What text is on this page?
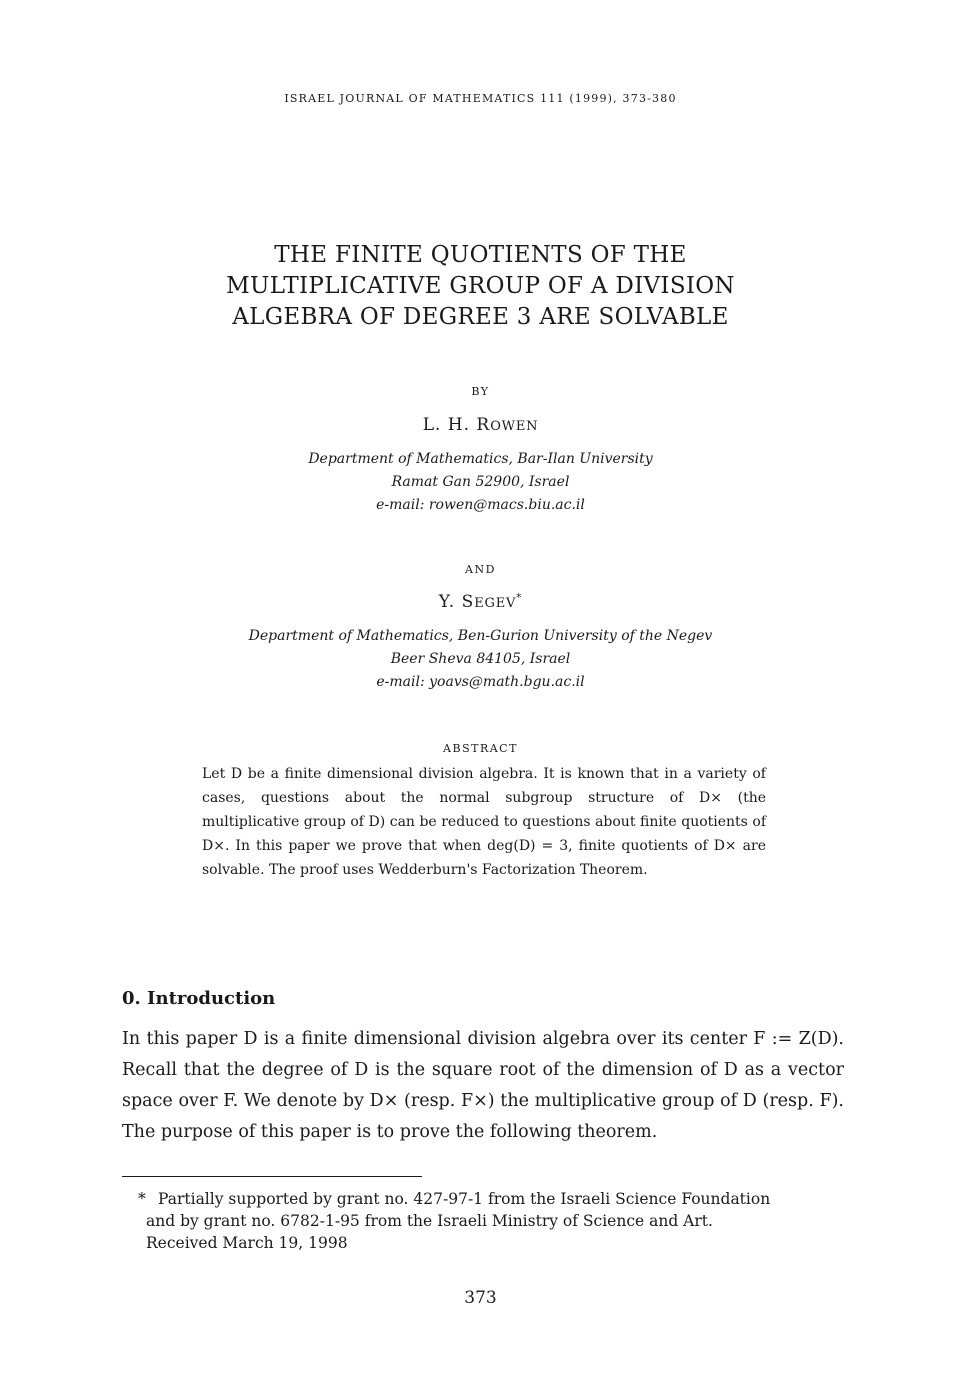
ISRAEL JOURNAL OF MATHEMATICS 111 (1999), 373-380
THE FINITE QUOTIENTS OF THE
MULTIPLICATIVE GROUP OF A DIVISION
ALGEBRA OF DEGREE 3 ARE SOLVABLE
BY
L. H. ROWEN
Department of Mathematics, Bar-Ilan University
Ramat Gan 52900, Israel
e-mail: rowen@macs.biu.ac.il
AND
Y. SEGEV*
Department of Mathematics, Ben-Gurion University of the Negev
Beer Sheva 84105, Israel
e-mail: yoavs@math.bgu.ac.il
ABSTRACT
Let D be a finite dimensional division algebra. It is known that in a variety of cases, questions about the normal subgroup structure of D× (the multiplicative group of D) can be reduced to questions about finite quotients of D×. In this paper we prove that when deg(D) = 3, finite quotients of D× are solvable. The proof uses Wedderburn's Factorization Theorem.
0. Introduction
In this paper D is a finite dimensional division algebra over its center F := Z(D). Recall that the degree of D is the square root of the dimension of D as a vector space over F. We denote by D× (resp. F×) the multiplicative group of D (resp. F). The purpose of this paper is to prove the following theorem.
* Partially supported by grant no. 427-97-1 from the Israeli Science Foundation
and by grant no. 6782-1-95 from the Israeli Ministry of Science and Art.
Received March 19, 1998
373
